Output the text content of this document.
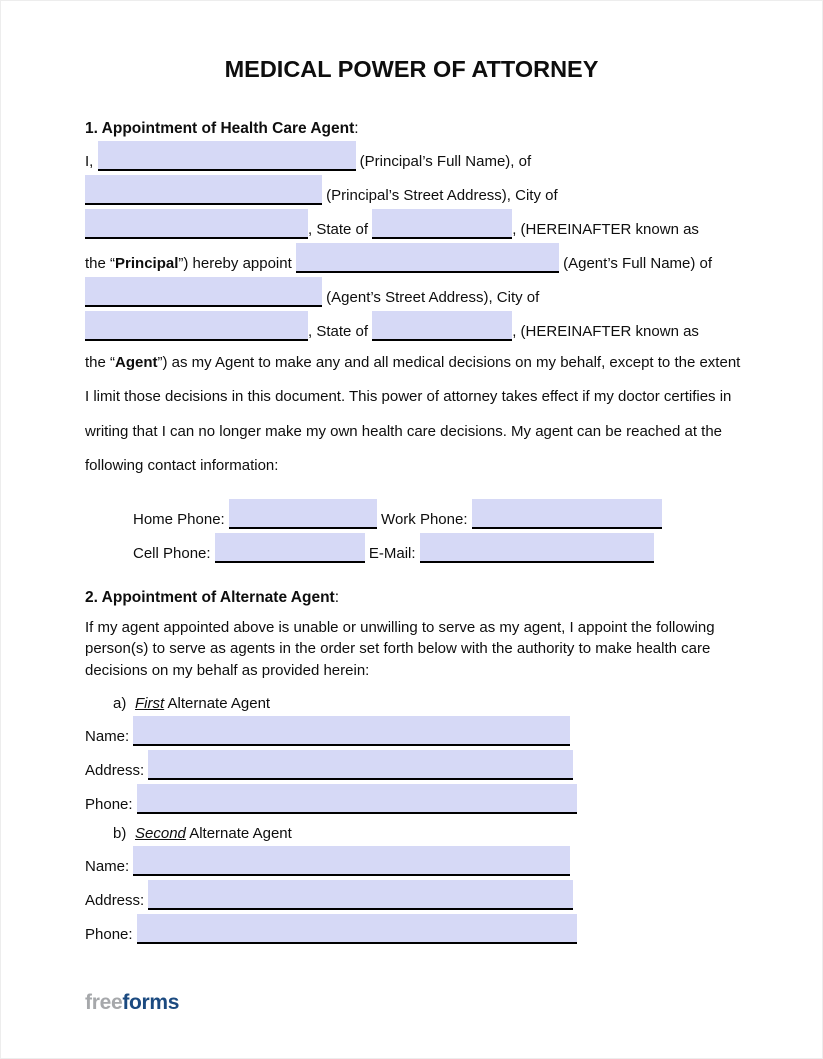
MEDICAL POWER OF ATTORNEY
1. Appointment of Health Care Agent:
I,	(Principal’s Full Name), of
(Principal’s Street Address), City of
, State of	, (HEREINAFTER known as
the “ Principal ”) hereby appoint	(Agent’s Full Name) of
(Agent’s Street Address), City of
, State of	, (HEREINAFTER known as
the “Agent”) as my Agent to make any and all medical decisions on my behalf, except to the extent
I limit those decisions in this document. This power of attorney takes effect if my doctor certifies in
writing that I can no longer make my own health care decisions. My agent can be reached at the
following contact information:
Home Phone:	Work Phone:
Cell Phone:	E-Mail:
2. Appointment of Alternate Agent:
If my agent appointed above is unable or unwilling to serve as my agent, I appoint the following
person(s) to serve as agents in the order set forth below with the authority to make health care
decisions on my behalf as provided herein:
a) First Alternate Agent
Name:
Address:
Phone:
b) Second Alternate Agent
Name:
Address:
Phone:
freeforms
